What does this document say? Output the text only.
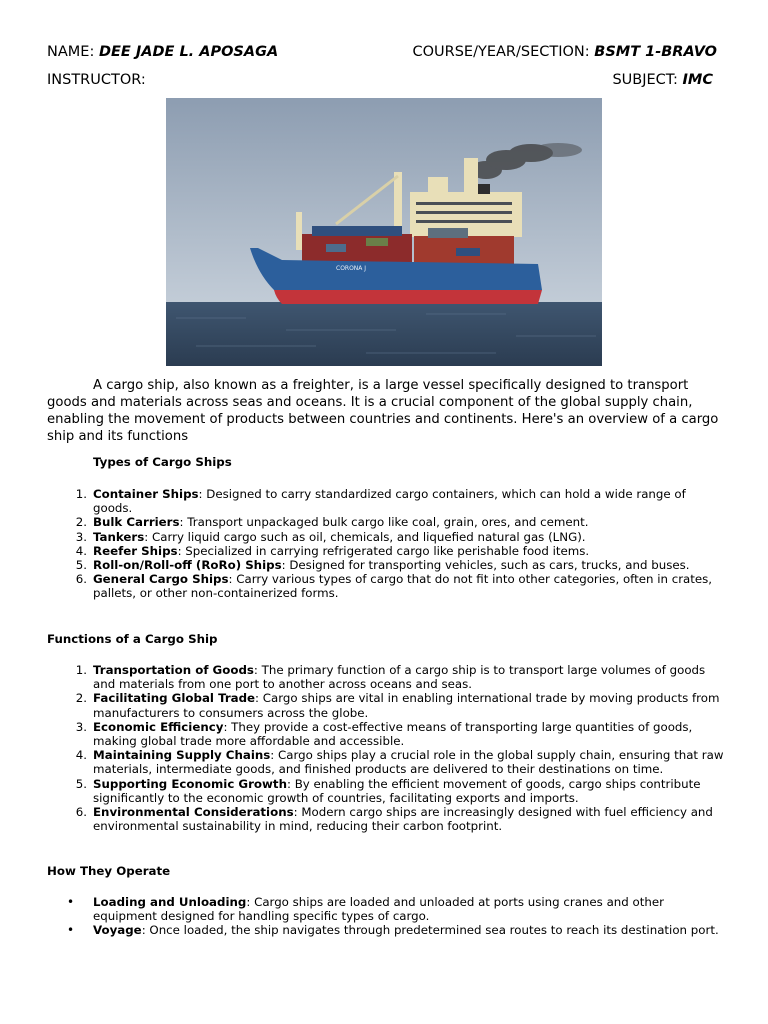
NAME: DEE JADE L. APOSAGA	COURSE/YEAR/SECTION: BSMT 1-BRAVO
INSTRUCTOR:	SUBJECT: IMC
CORONA J

A cargo ship, also known as a freighter, is a large vessel specifically designed to transport goods and materials across seas and oceans. It is a crucial component of the global supply chain, enabling the movement of products between countries and continents. Here's an overview of a cargo ship and its functions

Types of Cargo Ships

1. Container Ships: Designed to carry standardized cargo containers, which can hold a wide range of goods.
2. Bulk Carriers: Transport unpackaged bulk cargo like coal, grain, ores, and cement.
3. Tankers: Carry liquid cargo such as oil, chemicals, and liquefied natural gas (LNG).
4. Reefer Ships: Specialized in carrying refrigerated cargo like perishable food items.
5. Roll-on/Roll-off (RoRo) Ships: Designed for transporting vehicles, such as cars, trucks, and buses.
6. General Cargo Ships: Carry various types of cargo that do not fit into other categories, often in crates, pallets, or other non-containerized forms.

Functions of a Cargo Ship

1. Transportation of Goods: The primary function of a cargo ship is to transport large volumes of goods and materials from one port to another across oceans and seas.
2. Facilitating Global Trade: Cargo ships are vital in enabling international trade by moving products from manufacturers to consumers across the globe.
3. Economic Efficiency: They provide a cost-effective means of transporting large quantities of goods, making global trade more affordable and accessible.
4. Maintaining Supply Chains: Cargo ships play a crucial role in the global supply chain, ensuring that raw materials, intermediate goods, and finished products are delivered to their destinations on time.
5. Supporting Economic Growth: By enabling the efficient movement of goods, cargo ships contribute significantly to the economic growth of countries, facilitating exports and imports.
6. Environmental Considerations: Modern cargo ships are increasingly designed with fuel efficiency and environmental sustainability in mind, reducing their carbon footprint.

How They Operate

• Loading and Unloading: Cargo ships are loaded and unloaded at ports using cranes and other equipment designed for handling specific types of cargo.
• Voyage: Once loaded, the ship navigates through predetermined sea routes to reach its destination port.
